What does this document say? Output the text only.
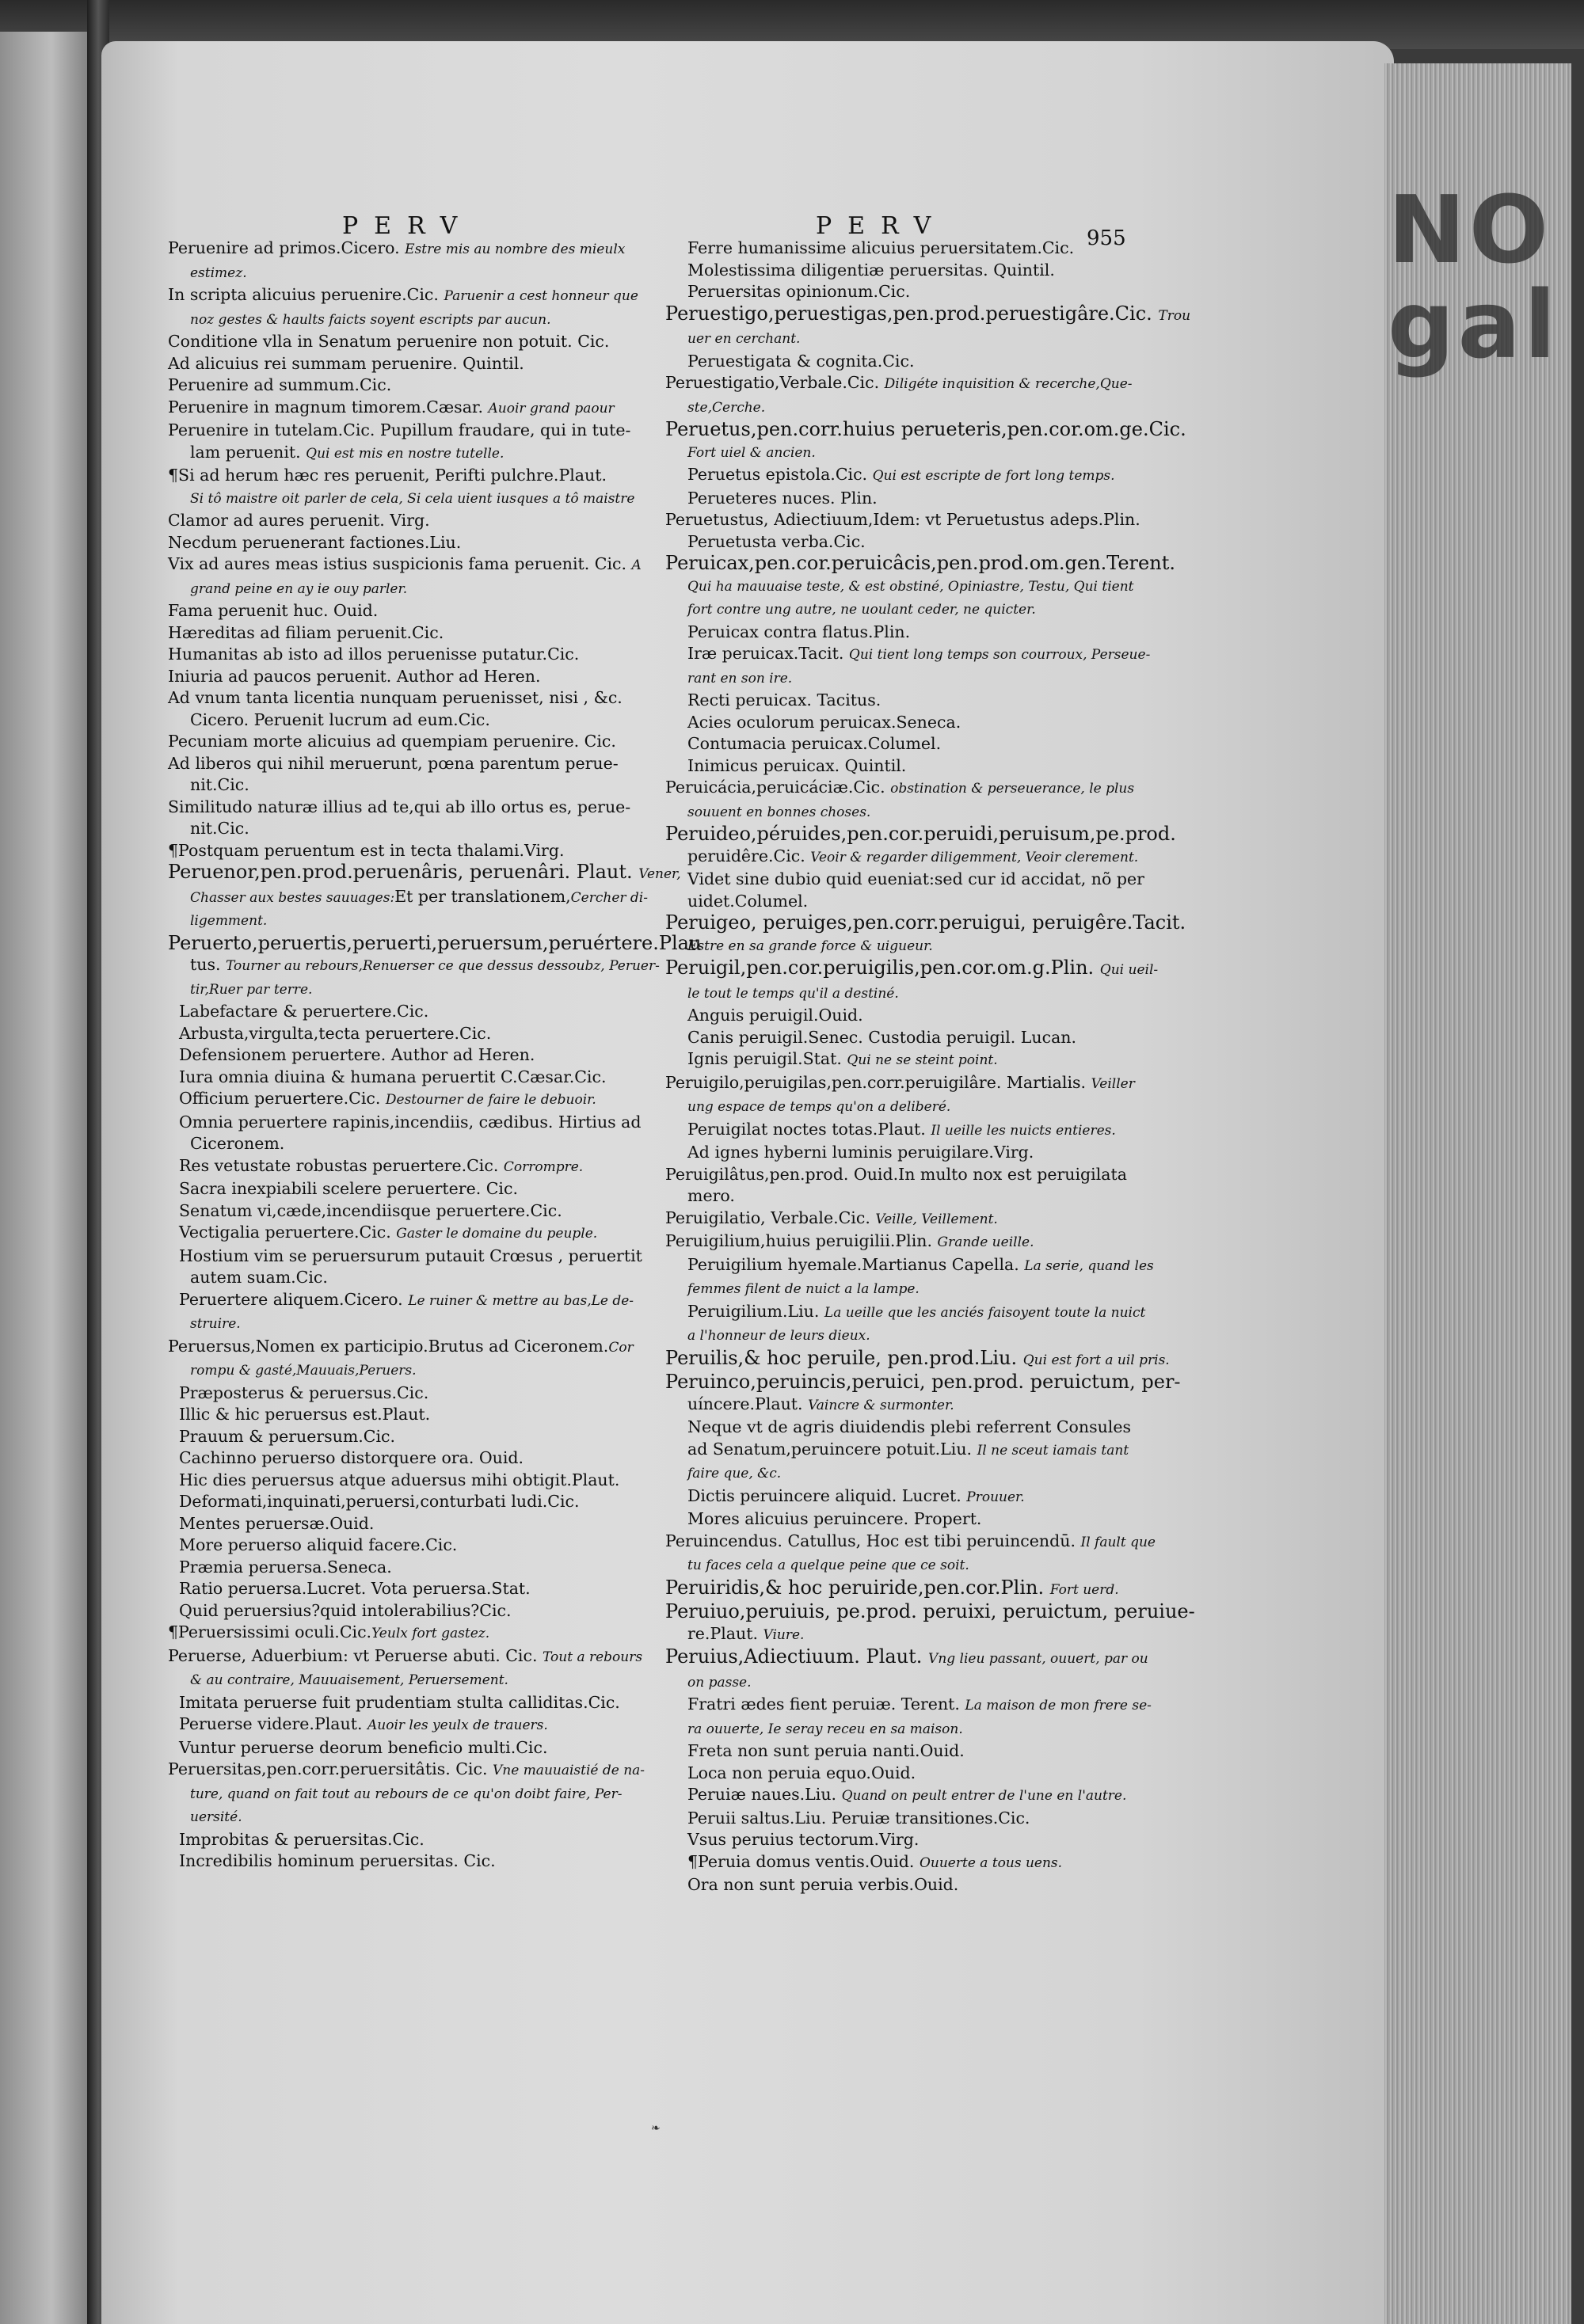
NO
gal
PERV	PERV	955
Peruenire ad primos.Cicero. Estre mis au nombre des mieulx
estimez.
In scripta alicuius peruenire.Cic. Paruenir a cest honneur que
noz gestes & haults faicts soyent escripts par aucun.
Conditione vlla in Senatum peruenire non potuit. Cic.
Ad alicuius rei summam peruenire. Quintil.
Peruenire ad summum.Cic.
Peruenire in magnum timorem.Cæsar. Auoir grand paour
Peruenire in tutelam.Cic. Pupillum fraudare, qui in tute-
lam peruenit. Qui est mis en nostre tutelle.
¶Si ad herum hæc res peruenit, Perifti pulchre.Plaut.
Si tô maistre oit parler de cela, Si cela uient iusques a tô maistre
Clamor ad aures peruenit. Virg.
Necdum peruenerant factiones.Liu.
Vix ad aures meas istius suspicionis fama peruenit. Cic. A
grand peine en ay ie ouy parler.
Fama peruenit huc. Ouid.
Hæreditas ad filiam peruenit.Cic.
Humanitas ab isto ad illos peruenisse putatur.Cic.
Iniuria ad paucos peruenit. Author ad Heren.
Ad vnum tanta licentia nunquam peruenisset, nisi , &c.
Cicero. Peruenit lucrum ad eum.Cic.
Pecuniam morte alicuius ad quempiam peruenire. Cic.
Ad liberos qui nihil meruerunt, pœna parentum perue-
nit.Cic.
Similitudo naturæ illius ad te,qui ab illo ortus es, perue-
nit.Cic.
¶Postquam peruentum est in tecta thalami.Virg.
Peruenor,pen.prod.peruenâris, peruenâri. Plaut. Vener,
Chasser aux bestes sauuages:Et per translationem,Cercher di-
ligemment.
Peruerto,peruertis,peruerti,peruersum,peruértere.Plau
tus. Tourner au rebours,Renuerser ce que dessus dessoubz, Peruer-
tir,Ruer par terre.
Labefactare & peruertere.Cic.
Arbusta,virgulta,tecta peruertere.Cic.
Defensionem peruertere. Author ad Heren.
Iura omnia diuina & humana peruertit C.Cæsar.Cic.
Officium peruertere.Cic. Destourner de faire le debuoir.
Omnia peruertere rapinis,incendiis, cædibus. Hirtius ad
Ciceronem.
Res vetustate robustas peruertere.Cic. Corrompre.
Sacra inexpiabili scelere peruertere. Cic.
Senatum vi,cæde,incendiisque peruertere.Cic.
Vectigalia peruertere.Cic. Gaster le domaine du peuple.
Hostium vim se peruersurum putauit Crœsus , peruertit
autem suam.Cic.
Peruertere aliquem.Cicero. Le ruiner & mettre au bas,Le de-
struire.
Peruersus,Nomen ex participio.Brutus ad Ciceronem.Cor
rompu & gasté,Mauuais,Peruers.
Præposterus & peruersus.Cic.
Illic & hic peruersus est.Plaut.
Prauum & peruersum.Cic.
Cachinno peruerso distorquere ora. Ouid.
Hic dies peruersus atque aduersus mihi obtigit.Plaut.
Deformati,inquinati,peruersi,conturbati ludi.Cic.
Mentes peruersæ.Ouid.
More peruerso aliquid facere.Cic.
Præmia peruersa.Seneca.
Ratio peruersa.Lucret. Vota peruersa.Stat.
Quid peruersius?quid intolerabilius?Cic.
¶Peruersissimi oculi.Cic.Yeulx fort gastez.
Peruerse, Aduerbium: vt Peruerse abuti. Cic. Tout a rebours
& au contraire, Mauuaisement, Peruersement.
Imitata peruerse fuit prudentiam stulta calliditas.Cic.
Peruerse videre.Plaut. Auoir les yeulx de trauers.
Vuntur peruerse deorum beneficio multi.Cic.
Peruersitas,pen.corr.peruersitâtis. Cic. Vne mauuaistié de na-
ture, quand on fait tout au rebours de ce qu'on doibt faire, Per-
uersité.
Improbitas & peruersitas.Cic.
Incredibilis hominum peruersitas. Cic.
Ferre humanissime alicuius peruersitatem.Cic.
Molestissima diligentiæ peruersitas. Quintil.
Peruersitas opinionum.Cic.
Peruestigo,peruestigas,pen.prod.peruestigâre.Cic. Trou
uer en cerchant.
Peruestigata & cognita.Cic.
Peruestigatio,Verbale.Cic. Diligéte inquisition & recerche,Que-
ste,Cerche.
Peruetus,pen.corr.huius perueteris,pen.cor.om.ge.Cic.
Fort uiel & ancien.
Peruetus epistola.Cic. Qui est escripte de fort long temps.
Perueteres nuces. Plin.
Peruetustus, Adiectiuum,Idem: vt Peruetustus adeps.Plin.
Peruetusta verba.Cic.
Peruicax,pen.cor.peruicâcis,pen.prod.om.gen.Terent.
Qui ha mauuaise teste, & est obstiné, Opiniastre, Testu, Qui tient
fort contre ung autre, ne uoulant ceder, ne quicter.
Peruicax contra flatus.Plin.
Iræ peruicax.Tacit. Qui tient long temps son courroux, Perseue-
rant en son ire.
Recti peruicax. Tacitus.
Acies oculorum peruicax.Seneca.
Contumacia peruicax.Columel.
Inimicus peruicax. Quintil.
Peruicácia,peruicáciæ.Cic. obstination & perseuerance, le plus
souuent en bonnes choses.
Peruideo,péruides,pen.cor.peruidi,peruisum,pe.prod.
peruidêre.Cic. Veoir & regarder diligemment, Veoir clerement.
Videt sine dubio quid eueniat:sed cur id accidat, nõ per
uidet.Columel.
Peruigeo, peruiges,pen.corr.peruigui, peruigêre.Tacit.
Estre en sa grande force & uigueur.
Peruigil,pen.cor.peruigilis,pen.cor.om.g.Plin. Qui ueil-
le tout le temps qu'il a destiné.
Anguis peruigil.Ouid.
Canis peruigil.Senec. Custodia peruigil. Lucan.
Ignis peruigil.Stat. Qui ne se steint point.
Peruigilo,peruigilas,pen.corr.peruigilâre. Martialis. Veiller
ung espace de temps qu'on a deliberé.
Peruigilat noctes totas.Plaut. Il ueille les nuicts entieres.
Ad ignes hyberni luminis peruigilare.Virg.
Peruigilâtus,pen.prod. Ouid.In multo nox est peruigilata
mero.
Peruigilatio, Verbale.Cic. Veille, Veillement.
Peruigilium,huius peruigilii.Plin. Grande ueille.
Peruigilium hyemale.Martianus Capella. La serie, quand les
femmes filent de nuict a la lampe.
Peruigilium.Liu. La ueille que les anciés faisoyent toute la nuict
a l'honneur de leurs dieux.
Peruilis,& hoc peruile, pen.prod.Liu. Qui est fort a uil pris.
Peruinco,peruincis,peruici, pen.prod. peruictum, per-
uíncere.Plaut. Vaincre & surmonter.
Neque vt de agris diuidendis plebi referrent Consules
ad Senatum,peruincere potuit.Liu. Il ne sceut iamais tant
faire que, &c.
Dictis peruincere aliquid. Lucret. Prouuer.
Mores alicuius peruincere. Propert.
Peruincendus. Catullus, Hoc est tibi peruincendū. Il fault que
tu faces cela a quelque peine que ce soit.
Peruiridis,& hoc peruiride,pen.cor.Plin. Fort uerd.
Peruiuo,peruiuis, pe.prod. peruixi, peruictum, peruiue-
re.Plaut. Viure.
Peruius,Adiectiuum. Plaut. Vng lieu passant, ouuert, par ou
on passe.
Fratri ædes fient peruiæ. Terent. La maison de mon frere se-
ra ouuerte, Ie seray receu en sa maison.
Freta non sunt peruia nanti.Ouid.
Loca non peruia equo.Ouid.
Peruiæ naues.Liu. Quand on peult entrer de l'une en l'autre.
Peruii saltus.Liu. Peruiæ transitiones.Cic.
Vsus peruius tectorum.Virg.
¶Peruia domus ventis.Ouid. Ouuerte a tous uens.
Ora non sunt peruia verbis.Ouid.
❧
